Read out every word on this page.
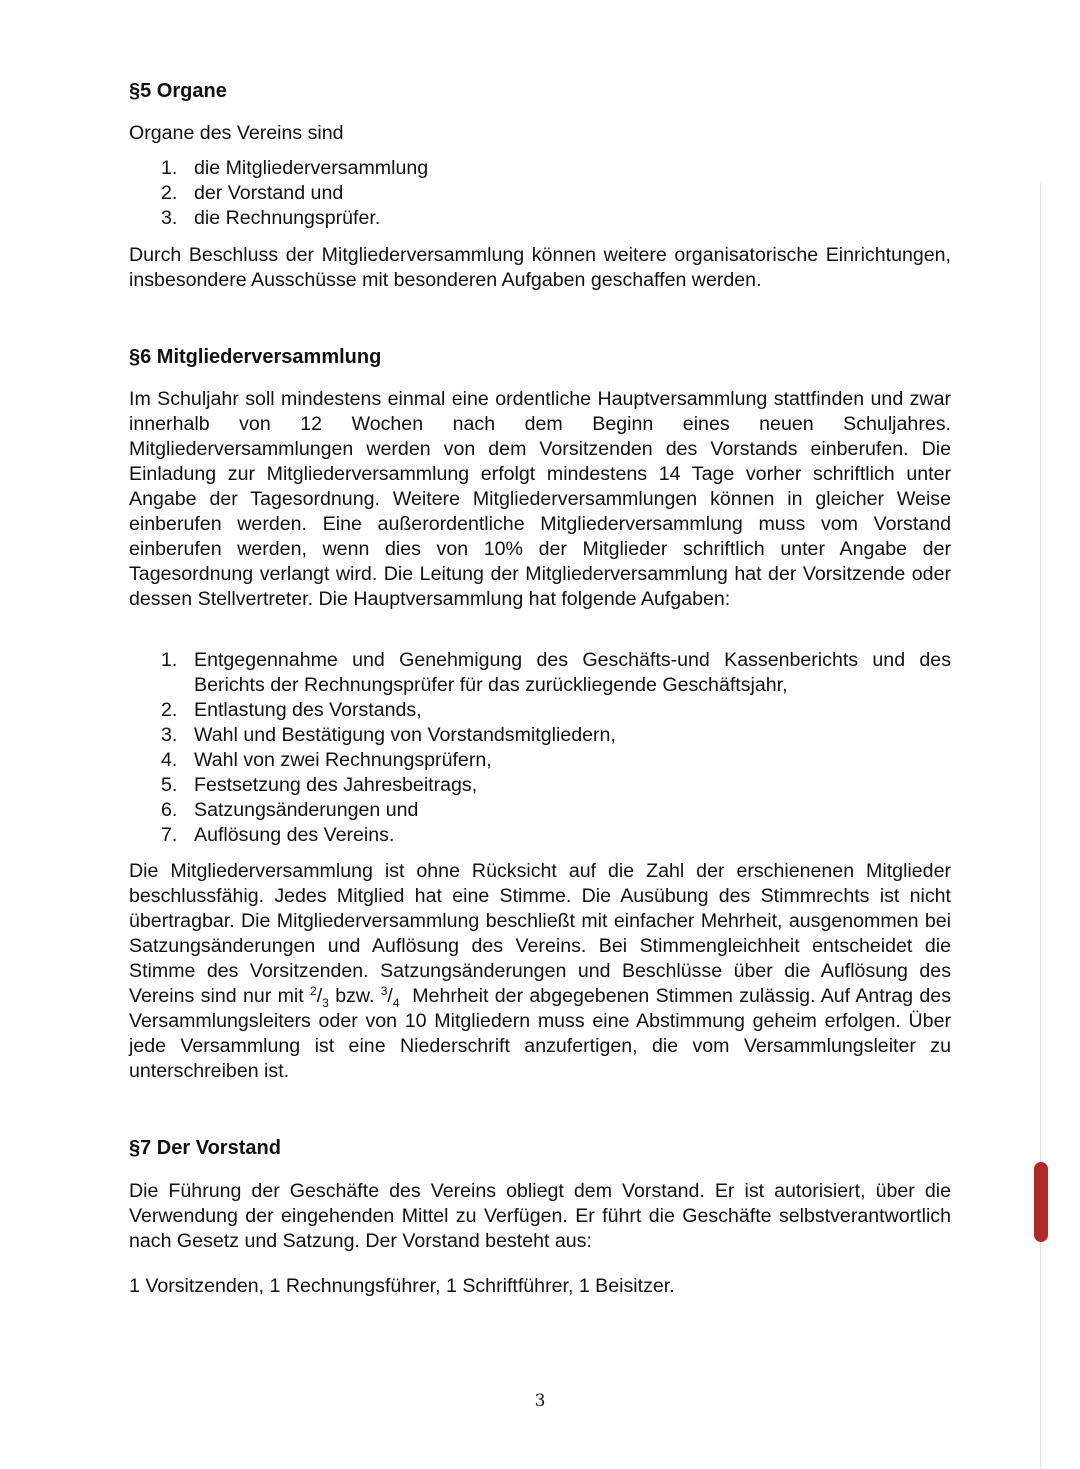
§5 Organe

Organe des Vereins sind

1. die Mitgliederversammlung
2. der Vorstand und
3. die Rechnungsprüfer.

Durch Beschluss der Mitgliederversammlung können weitere organisatorische Einrichtungen, insbesondere Ausschüsse mit besonderen Aufgaben geschaffen werden.

§6 Mitgliederversammlung

Im Schuljahr soll mindestens einmal eine ordentliche Hauptversammlung stattfinden und zwar innerhalb von 12 Wochen nach dem Beginn eines neuen Schuljahres. Mitgliederversammlungen werden von dem Vorsitzenden des Vorstands einberufen. Die Einladung zur Mitgliederversammlung erfolgt mindestens 14 Tage vorher schriftlich unter Angabe der Tagesordnung. Weitere Mitgliederversammlungen können in gleicher Weise einberufen werden. Eine außerordentliche Mitgliederversammlung muss vom Vorstand einberufen werden, wenn dies von 10% der Mitglieder schriftlich unter Angabe der Tagesordnung verlangt wird. Die Leitung der Mitgliederversammlung hat der Vorsitzende oder dessen Stellvertreter. Die Hauptversammlung hat folgende Aufgaben:

1. Entgegennahme und Genehmigung des Geschäfts-und Kassenberichts und des Berichts der Rechnungsprüfer für das zurückliegende Geschäftsjahr,
2. Entlastung des Vorstands,
3. Wahl und Bestätigung von Vorstandsmitgliedern,
4. Wahl von zwei Rechnungsprüfern,
5. Festsetzung des Jahresbeitrags,
6. Satzungsänderungen und
7. Auflösung des Vereins.

Die Mitgliederversammlung ist ohne Rücksicht auf die Zahl der erschienenen Mitglieder beschlussfähig. Jedes Mitglied hat eine Stimme. Die Ausübung des Stimmrechts ist nicht übertragbar. Die Mitgliederversammlung beschließt mit einfacher Mehrheit, ausgenommen bei Satzungsänderungen und Auflösung des Vereins. Bei Stimmengleichheit entscheidet die Stimme des Vorsitzenden. Satzungsänderungen und Beschlüsse über die Auflösung des Vereins sind nur mit $^2/_3$ bzw. $^3/_4$ Mehrheit der abgegebenen Stimmen zulässig. Auf Antrag des Versammlungsleiters oder von 10 Mitgliedern muss eine Abstimmung geheim erfolgen. Über jede Versammlung ist eine Niederschrift anzufertigen, die vom Versammlungsleiter zu unterschreiben ist.

§7 Der Vorstand

Die Führung der Geschäfte des Vereins obliegt dem Vorstand. Er ist autorisiert, über die Verwendung der eingehenden Mittel zu Verfügen. Er führt die Geschäfte selbstverantwortlich nach Gesetz und Satzung. Der Vorstand besteht aus:

1 Vorsitzenden, 1 Rechnungsführer, 1 Schriftführer, 1 Beisitzer.

3
